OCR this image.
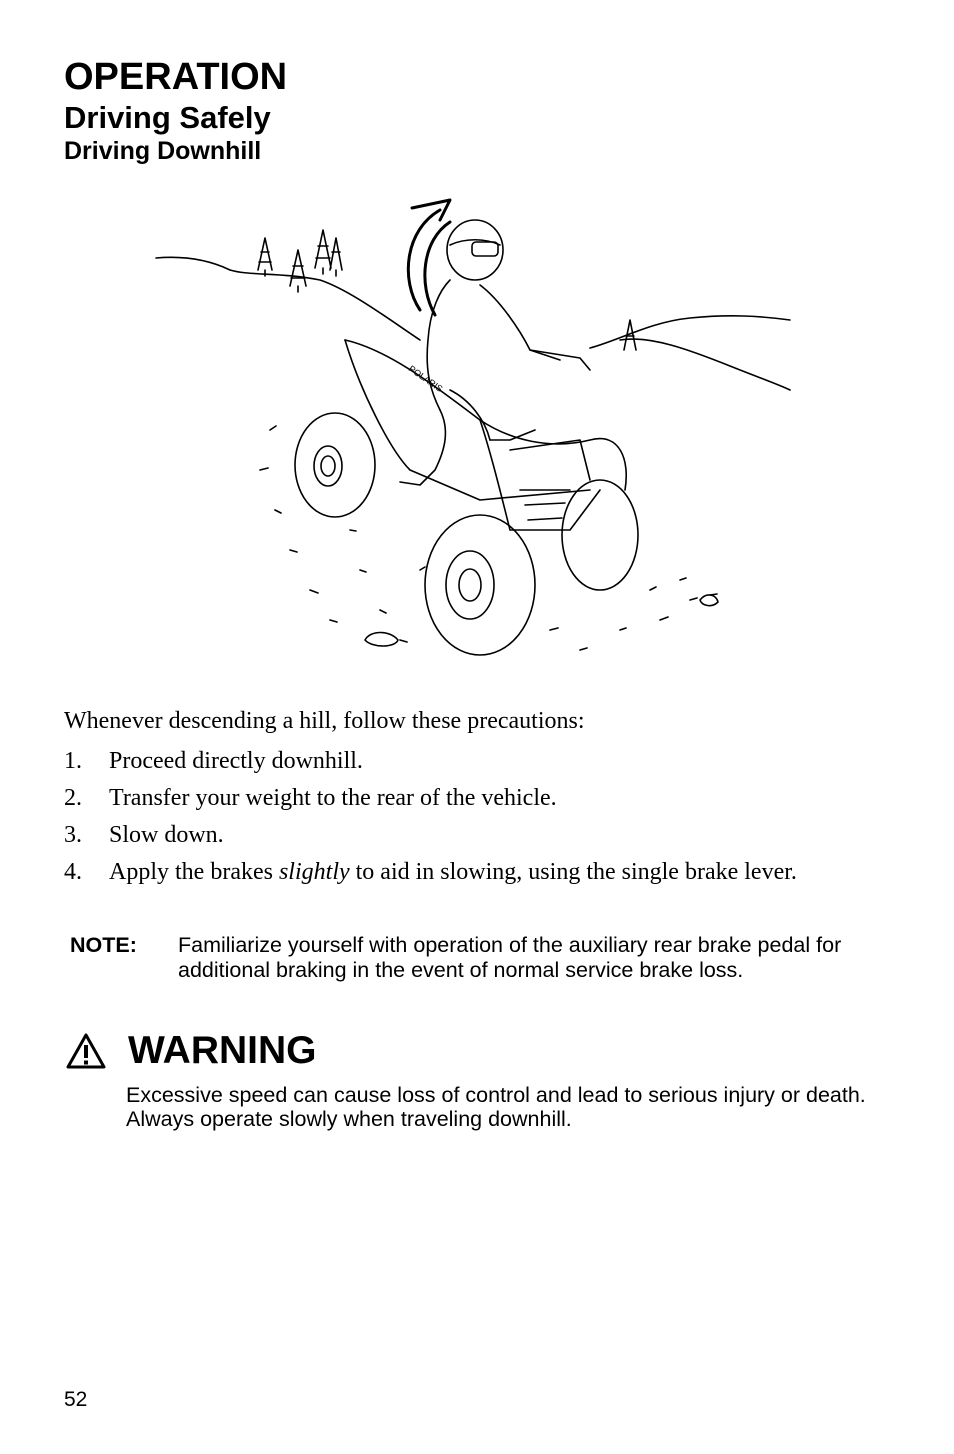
OPERATION
Driving Safely
Driving Downhill
POLARIS

Whenever descending a hill, follow these precautions:

1.	Proceed directly downhill.
2.	Transfer your weight to the rear of the vehicle.
3.	Slow down.
4.	Apply the brakes slightly to aid in slowing, using the single brake lever.
NOTE:	Familiarize yourself with operation of the auxiliary rear brake pedal for additional braking in the event of normal service brake loss.
WARNING

Excessive speed can cause loss of control and lead to serious injury or death. Always operate slowly when traveling downhill.

52
